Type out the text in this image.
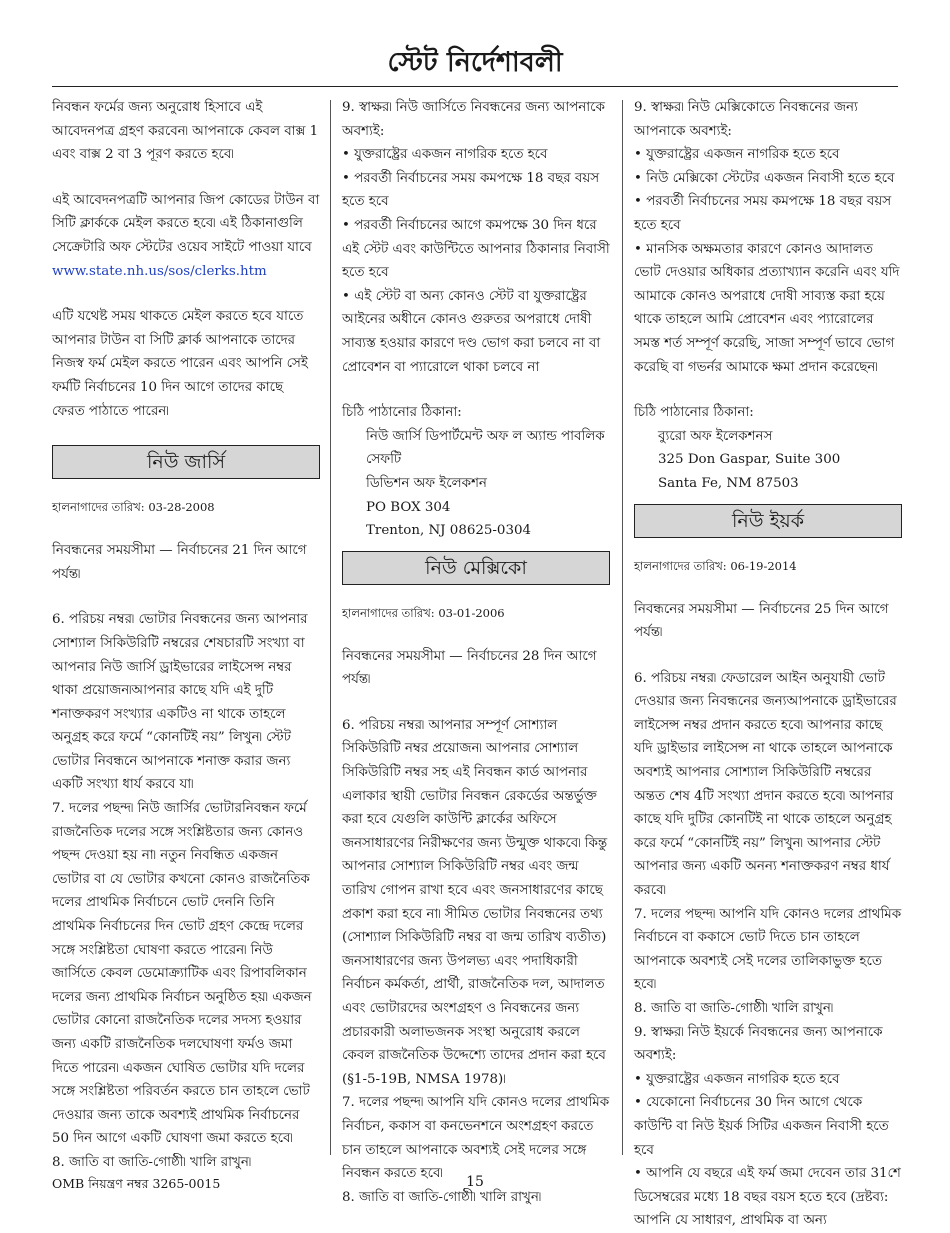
স্টেট নির্দেশাবলী

নিবন্ধন ফর্মের জন্য অনুরোধ হিসাবে এই আবেদনপত্র গ্রহণ করবেন৷ আপনাকে কেবল বাক্স 1 এবং বাক্স 2 বা 3 পূরণ করতে হবে৷

এই আবেদনপত্রটি আপনার জিপ কোডের টাউন বা সিটি ক্লার্ককে মেইল করতে হবে৷ এই ঠিকানাগুলি সেক্রেটারি অফ স্টেটের ওয়েব সাইটে পাওয়া যাবে
www.state.nh.us/sos/clerks.htm

এটি যথেষ্ট সময় থাকতে মেইল করতে হবে যাতে আপনার টাউন বা সিটি ক্লার্ক আপনাকে তাদের নিজস্ব ফর্ম মেইল করতে পারেন এবং আপনি সেই ফর্মটি নির্বাচনের 10 দিন আগে তাদের কাছে ফেরত পাঠাতে পারেন৷

নিউ জার্সি
হালনাগাদের তারিখ: 03-28-2008

নিবন্ধনের সময়সীমা — নির্বাচনের 21 দিন আগে পর্যন্ত৷

6. পরিচয় নম্বর৷ ভোটার নিবন্ধনের জন্য আপনার সোশ্যাল সিকিউরিটি নম্বরের শেষচারটি সংখ্যা বা আপনার নিউ জার্সি ড্রাইভারের লাইসেন্স নম্বর থাকা প্রয়োজন৷আপনার কাছে যদি এই দুটি শনাক্তকরণ সংখ্যার একটিও না থাকে তাহলে অনুগ্রহ করে ফর্মে “কোনটিই নয়” লিখুন৷ স্টেট ভোটার নিবন্ধনে আপনাকে শনাক্ত করার জন্য একটি সংখ্যা ধার্য করবে যা৷
7. দলের পছন্দ৷ নিউ জার্সির ভোটারনিবন্ধন ফর্মে রাজনৈতিক দলের সঙ্গে সংশ্লিষ্টতার জন্য কোনও পছন্দ দেওয়া হয় না৷ নতুন নিবন্ধিত একজন ভোটার বা যে ভোটার কখনো কোনও রাজনৈতিক দলের প্রাথমিক নির্বাচনে ভোট দেননি তিনি প্রাথমিক নির্বাচনের দিন ভোট গ্রহণ কেন্দ্রে দলের সঙ্গে সংশ্লিষ্টতা ঘোষণা করতে পারেন৷ নিউ জার্সিতে কেবল ডেমোক্র্যাটিক এবং রিপাবলিকান দলের জন্য প্রাথমিক নির্বাচন অনুষ্ঠিত হয়৷ একজন ভোটার কোনো রাজনৈতিক দলের সদস্য হওয়ার জন্য একটি রাজনৈতিক দলঘোষণা ফর্মও জমা দিতে পারেন৷ একজন ঘোষিত ভোটার যদি দলের সঙ্গে সংশ্লিষ্টতা পরিবর্তন করতে চান তাহলে ভোট দেওয়ার জন্য তাকে অবশ্যই প্রাথমিক নির্বাচনের 50 দিন আগে একটি ঘোষণা জমা করতে হবে৷
8. জাতি বা জাতি-গোষ্ঠী৷ খালি রাখুন৷
9. স্বাক্ষর৷ নিউ জার্সিতে নিবন্ধনের জন্য আপনাকে অবশ্যই:
• যুক্তরাষ্ট্রের একজন নাগরিক হতে হবে
• পরবর্তী নির্বাচনের সময় কমপক্ষে 18 বছর বয়স হতে হবে
• পরবর্তী নির্বাচনের আগে কমপক্ষে 30 দিন ধরে এই স্টেট এবং কাউন্টিতে আপনার ঠিকানার নিবাসী হতে হবে
• এই স্টেট বা অন্য কোনও স্টেট বা যুক্তরাষ্ট্রের আইনের অধীনে কোনও গুরুতর অপরাধে দোষী সাব্যস্ত হওয়ার কারণে দণ্ড ভোগ করা চলবে না বা প্রোবেশন বা প্যারোলে থাকা চলবে না
চিঠি পাঠানোর ঠিকানা:
নিউ জার্সি ডিপার্টমেন্ট অফ ল অ্যান্ড পাবলিক সেফটি
ডিভিশন অফ ইলেকশন
PO BOX 304
Trenton, NJ 08625-0304
নিউ মেক্সিকো
হালনাগাদের তারিখ: 03-01-2006

নিবন্ধনের সময়সীমা — নির্বাচনের 28 দিন আগে পর্যন্ত৷

6. পরিচয় নম্বর৷ আপনার সম্পূর্ণ সোশ্যাল সিকিউরিটি নম্বর প্রয়োজন৷ আপনার সোশ্যাল সিকিউরিটি নম্বর সহ এই নিবন্ধন কার্ড আপনার এলাকার স্থায়ী ভোটার নিবন্ধন রেকর্ডের অন্তর্ভুক্ত করা হবে যেগুলি কাউন্টি ক্লার্কের অফিসে জনসাধারণের নিরীক্ষণের জন্য উন্মুক্ত থাকবে৷ কিন্তু আপনার সোশ্যাল সিকিউরিটি নম্বর এবং জন্ম তারিখ গোপন রাখা হবে এবং জনসাধারণের কাছে প্রকাশ করা হবে না৷ সীমিত ভোটার নিবন্ধনের তথ্য (সোশ্যাল সিকিউরিটি নম্বর বা জন্ম তারিখ ব্যতীত) জনসাধারণের জন্য উপলভ্য এবং পদাধিকারী নির্বাচন কর্মকর্তা, প্রার্থী, রাজনৈতিক দল, আদালত এবং ভোটারদের অংশগ্রহণ ও নিবন্ধনের জন্য প্রচারকারী অলাভজনক সংস্থা অনুরোধ করলে কেবল রাজনৈতিক উদ্দেশ্যে তাদের প্রদান করা হবে (§1-5-19B, NMSA 1978)৷
7. দলের পছন্দ৷ আপনি যদি কোনও দলের প্রাথমিক নির্বাচন, ককাস বা কনভেনশনে অংশগ্রহণ করতে চান তাহলে আপনাকে অবশ্যই সেই দলের সঙ্গে নিবন্ধন করতে হবে৷
8. জাতি বা জাতি-গোষ্ঠী৷ খালি রাখুন৷
9. স্বাক্ষর৷ নিউ মেক্সিকোতে নিবন্ধনের জন্য আপনাকে অবশ্যই:
• যুক্তরাষ্ট্রের একজন নাগরিক হতে হবে
• নিউ মেক্সিকো স্টেটের একজন নিবাসী হতে হবে
• পরবর্তী নির্বাচনের সময় কমপক্ষে 18 বছর বয়স হতে হবে
• মানসিক অক্ষমতার কারণে কোনও আদালত ভোট দেওয়ার অধিকার প্রত্যাখ্যান করেনি এবং যদি আমাকে কোনও অপরাধে দোষী সাব্যস্ত করা হয়ে থাকে তাহলে আমি প্রোবেশন এবং প্যারোলের সমস্ত শর্ত সম্পূর্ণ করেছি, সাজা সম্পূর্ণ ভাবে ভোগ করেছি বা গভর্নর আমাকে ক্ষমা প্রদান করেছেন৷
চিঠি পাঠানোর ঠিকানা:
ব্যুরো অফ ইলেকশনস
325 Don Gaspar, Suite 300
Santa Fe, NM 87503
নিউ ইয়র্ক
হালনাগাদের তারিখ: 06-19-2014

নিবন্ধনের সময়সীমা — নির্বাচনের 25 দিন আগে পর্যন্ত৷

6. পরিচয় নম্বর৷ ফেডারেল আইন অনুযায়ী ভোট দেওয়ার জন্য নিবন্ধনের জন্যআপনাকে ড্রাইভারের লাইসেন্স নম্বর প্রদান করতে হবে৷ আপনার কাছে যদি ড্রাইভার লাইসেন্স না থাকে তাহলে আপনাকে অবশ্যই আপনার সোশ্যাল সিকিউরিটি নম্বরের অন্তত শেষ 4টি সংখ্যা প্রদান করতে হবে৷ আপনার কাছে যদি দুটির কোনটিই না থাকে তাহলে অনুগ্রহ করে ফর্মে “কোনটিই নয়” লিখুন৷ আপনার স্টেট আপনার জন্য একটি অনন্য শনাক্তকরণ নম্বর ধার্য করবে৷
7. দলের পছন্দ৷ আপনি যদি কোনও দলের প্রাথমিক নির্বাচনে বা ককাসে ভোট দিতে চান তাহলে আপনাকে অবশ্যই সেই দলের তালিকাভুক্ত হতে হবে৷
8. জাতি বা জাতি-গোষ্ঠী৷ খালি রাখুন৷
9. স্বাক্ষর৷ নিউ ইয়র্কে নিবন্ধনের জন্য আপনাকে অবশ্যই:
• যুক্তরাষ্ট্রের একজন নাগরিক হতে হবে
• যেকোনো নির্বাচনের 30 দিন আগে থেকে কাউন্টি বা নিউ ইয়র্ক সিটির একজন নিবাসী হতে হবে
• আপনি যে বছরে এই ফর্ম জমা দেবেন তার 31শে ডিসেম্বরের মধ্যে 18 বছর বয়স হতে হবে (দ্রষ্টব্য: আপনি যে সাধারণ, প্রাথমিক বা অন্য
OMB নিয়ন্ত্রণ নম্বর 3265-0015	15
